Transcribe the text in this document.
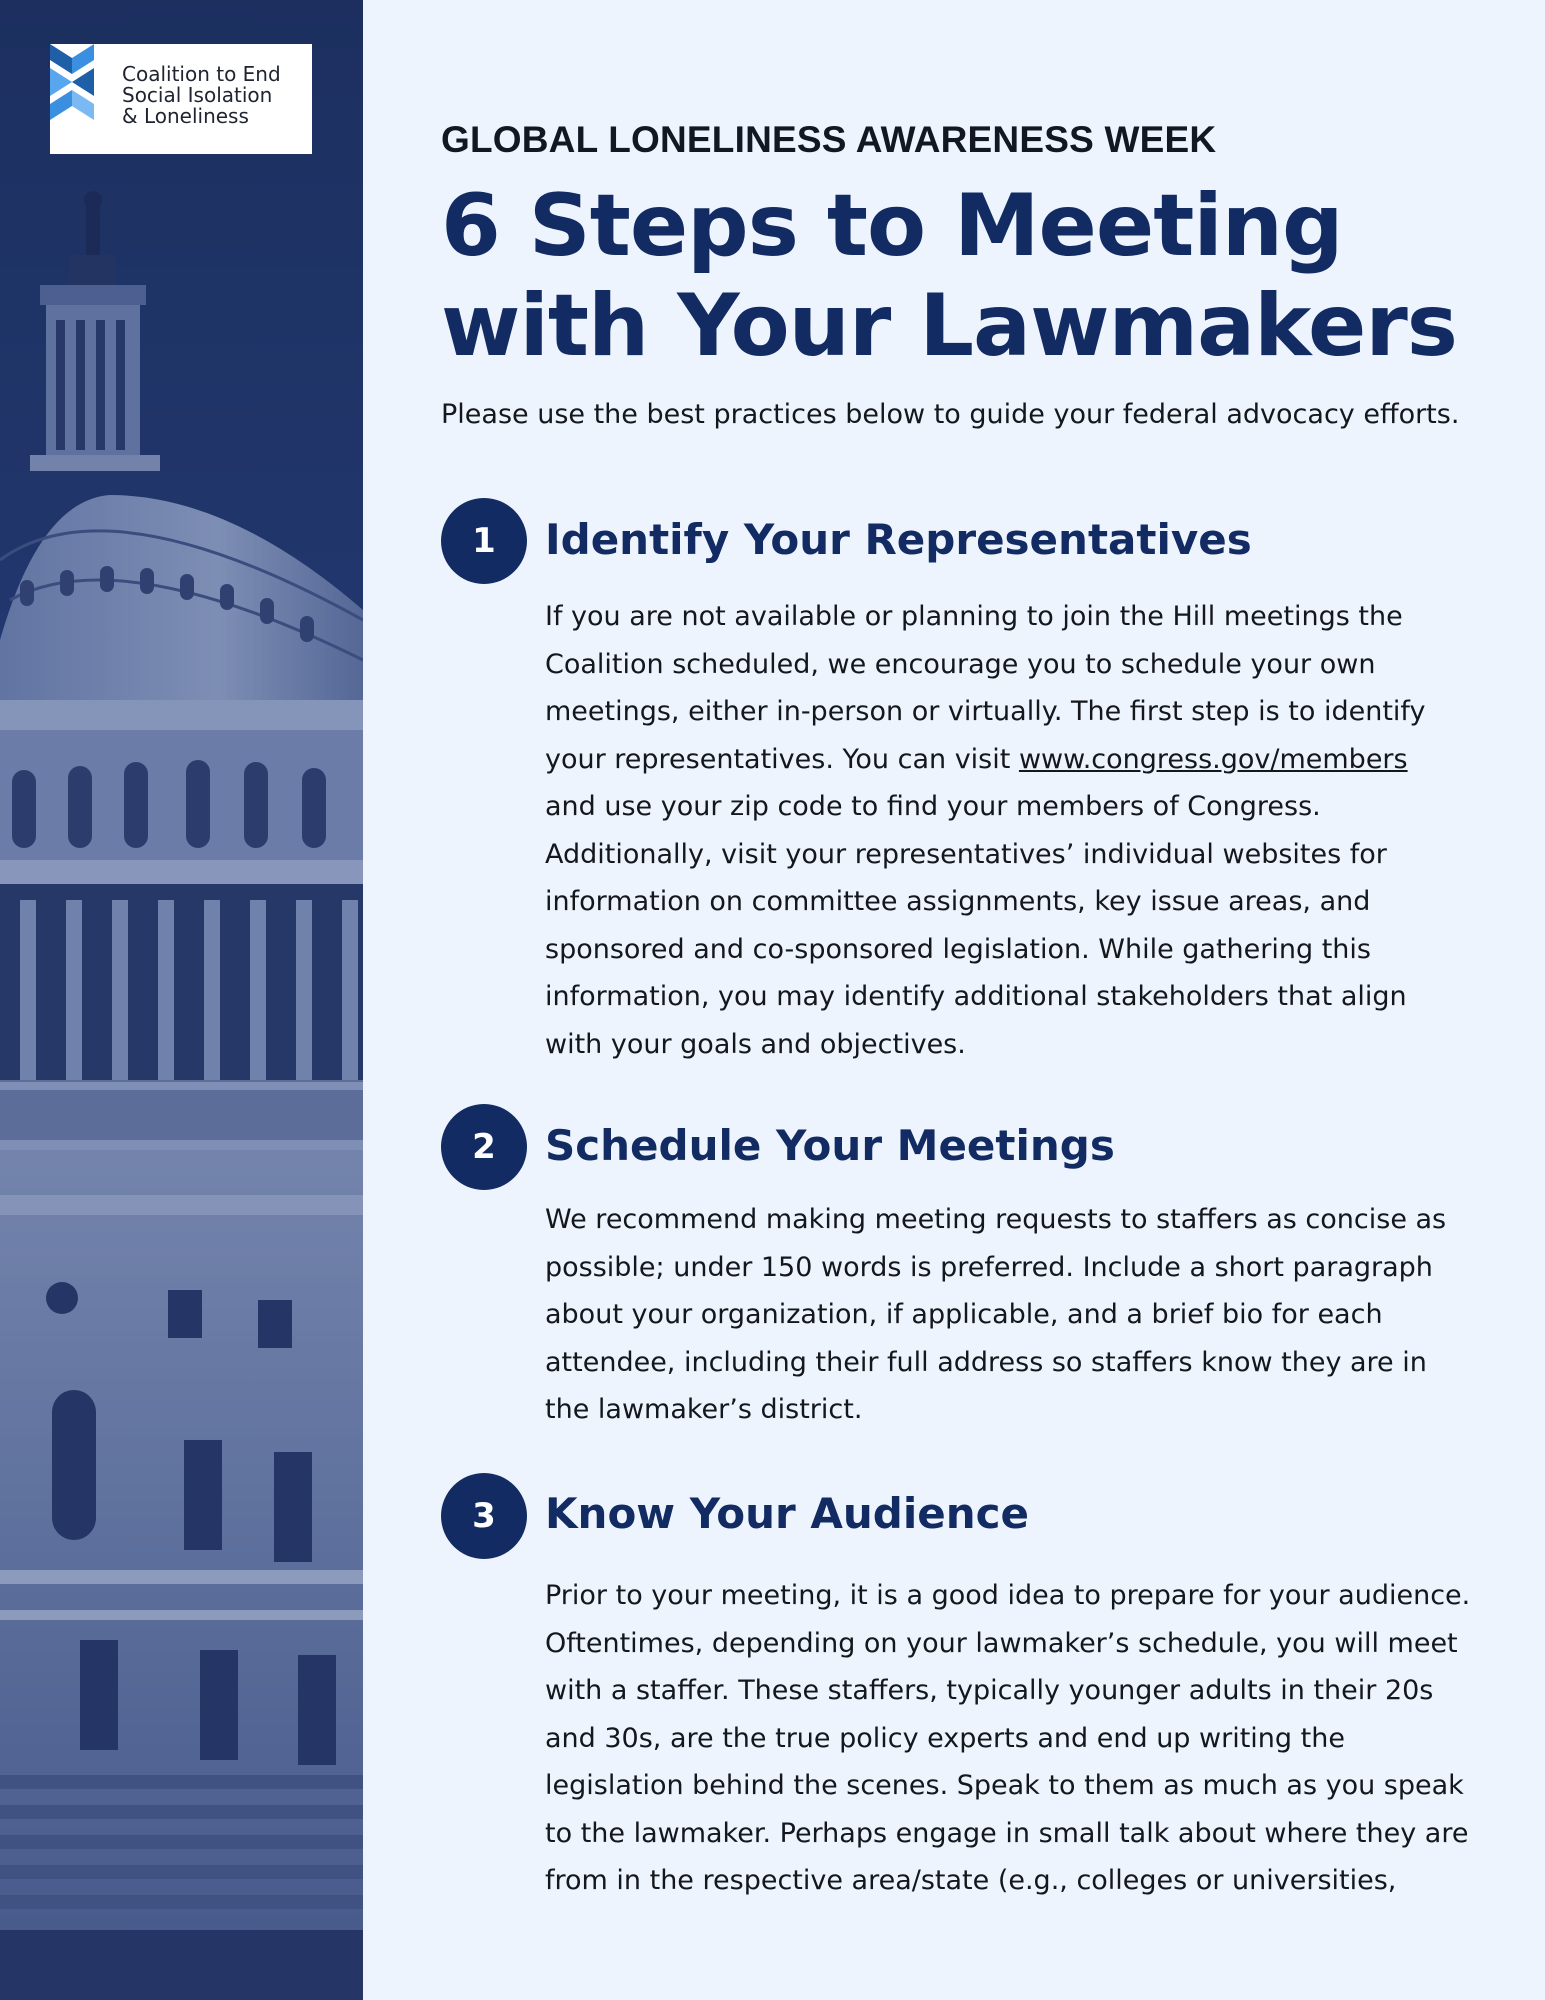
Coalition to End
Social Isolation
& Loneliness
GLOBAL LONELINESS AWARENESS WEEK
6 Steps to Meeting
with Your Lawmakers
Please use the best practices below to guide your federal advocacy efforts.
1	Identify Your Representatives
If you are not available or planning to join the Hill meetings the
Coalition scheduled, we encourage you to schedule your own
meetings, either in-person or virtually. The first step is to identify
your representatives. You can visit www.congress.gov/members
and use your zip code to find your members of Congress.
Additionally, visit your representatives’ individual websites for
information on committee assignments, key issue areas, and
sponsored and co-sponsored legislation. While gathering this
information, you may identify additional stakeholders that align
with your goals and objectives.
2	Schedule Your Meetings
We recommend making meeting requests to staffers as concise as
possible; under 150 words is preferred. Include a short paragraph
about your organization, if applicable, and a brief bio for each
attendee, including their full address so staffers know they are in
the lawmaker’s district.
3	Know Your Audience
Prior to your meeting, it is a good idea to prepare for your audience.
Oftentimes, depending on your lawmaker’s schedule, you will meet
with a staffer. These staffers, typically younger adults in their 20s
and 30s, are the true policy experts and end up writing the
legislation behind the scenes. Speak to them as much as you speak
to the lawmaker. Perhaps engage in small talk about where they are
from in the respective area/state (e.g., colleges or universities,
